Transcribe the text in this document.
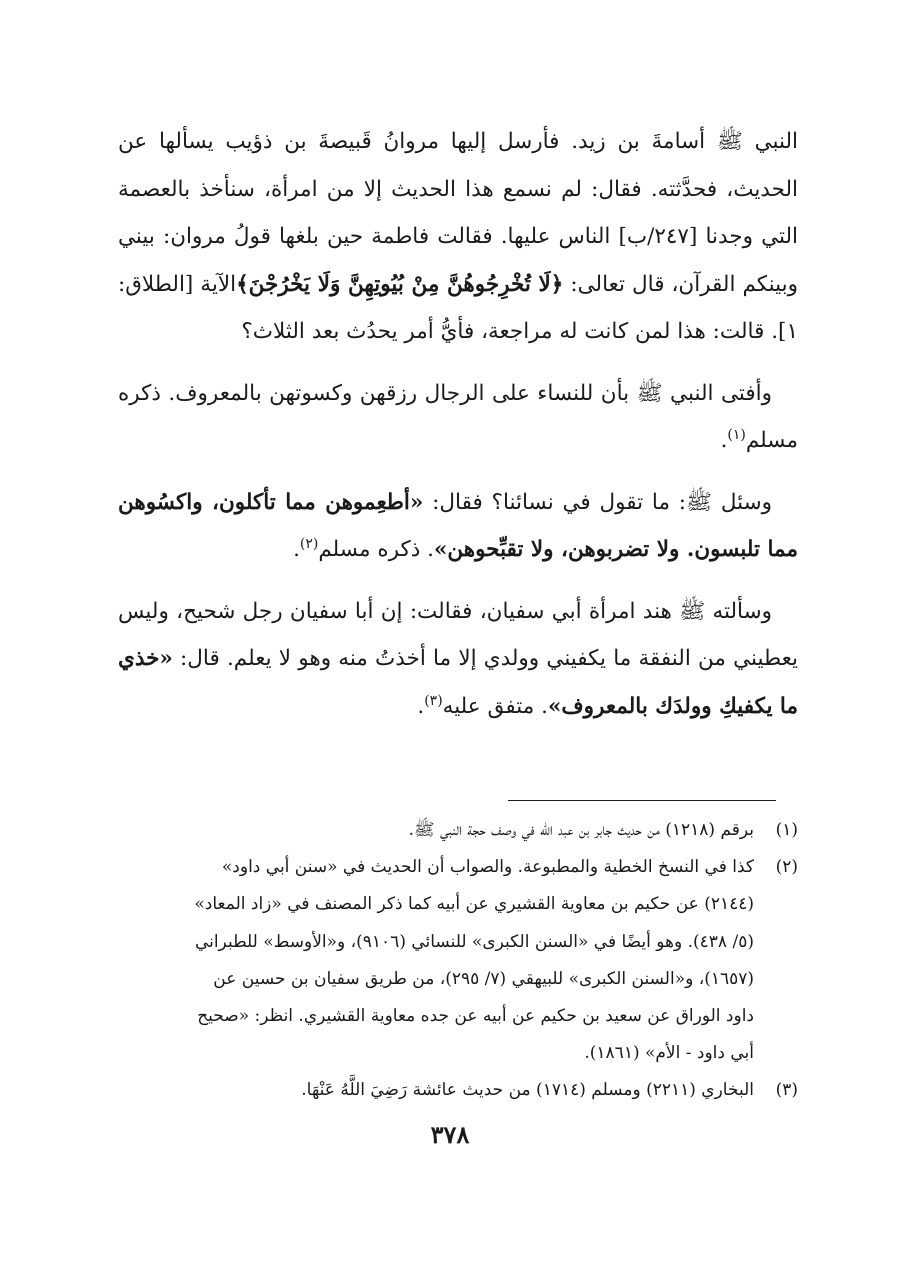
النبي ﷺ أسامةَ بن زيد. فأرسل إليها مروانُ قَبيصةَ بن ذؤيب يسألها عن الحديث، فحدَّثته. فقال: لم نسمع هذا الحديث إلا من امرأة، سنأخذ بالعصمة التي وجدنا [٢٤٧/ب] الناس عليها. فقالت فاطمة حين بلغها قولُ مروان: بيني وبينكم القرآن، قال تعالى: ﴿لَا تُخْرِجُوهُنَّ مِنْ بُيُوتِهِنَّ وَلَا يَخْرُجْنَ﴾الآية [الطلاق: ١]. قالت: هذا لمن كانت له مراجعة، فأيُّ أمر يحدُث بعد الثلاث؟

وأفتى النبي ﷺ بأن للنساء على الرجال رزقهن وكسوتهن بالمعروف. ذكره مسلم$^{(١)}$.

وسئل ﷺ: ما تقول في نسائنا؟ فقال: «أطعِموهن مما تأكلون، واكسُوهن مما تلبسون. ولا تضربوهن، ولا تقبِّحوهن». ذكره مسلم$^{(٢)}$.

وسألته ﷺ هند امرأة أبي سفيان، فقالت: إن أبا سفيان رجل شحيح، وليس يعطيني من النفقة ما يكفيني وولدي إلا ما أخذتُ منه وهو لا يعلم. قال: «خذي ما يكفيكِ وولدَك بالمعروف». متفق عليه$^{(٣)}$.

(١)
برقم (١٢١٨) من حديث جابر بن عبد الله في وصف حجة النبي ﷺ.
(٢)
كذا في النسخ الخطية والمطبوعة. والصواب أن الحديث في «سنن أبي داود»
(٢١٤٤) عن حكيم بن معاوية القشيري عن أبيه كما ذكر المصنف في «زاد المعاد»
(٥/ ٤٣٨). وهو أيضًا في «السنن الكبرى» للنسائي (٩١٠٦)، و«الأوسط» للطبراني
(١٦٥٧)، و«السنن الكبرى» للبيهقي (٧/ ٢٩٥)، من طريق سفيان بن حسين عن
داود الوراق عن سعيد بن حكيم عن أبيه عن جده معاوية القشيري. انظر: «صحيح
أبي داود - الأم» (١٨٦١).
(٣)
البخاري (٢٢١١) ومسلم (١٧١٤) من حديث عائشة رَضِيَ اللَّهُ عَنْهَا.
٣٧٨
